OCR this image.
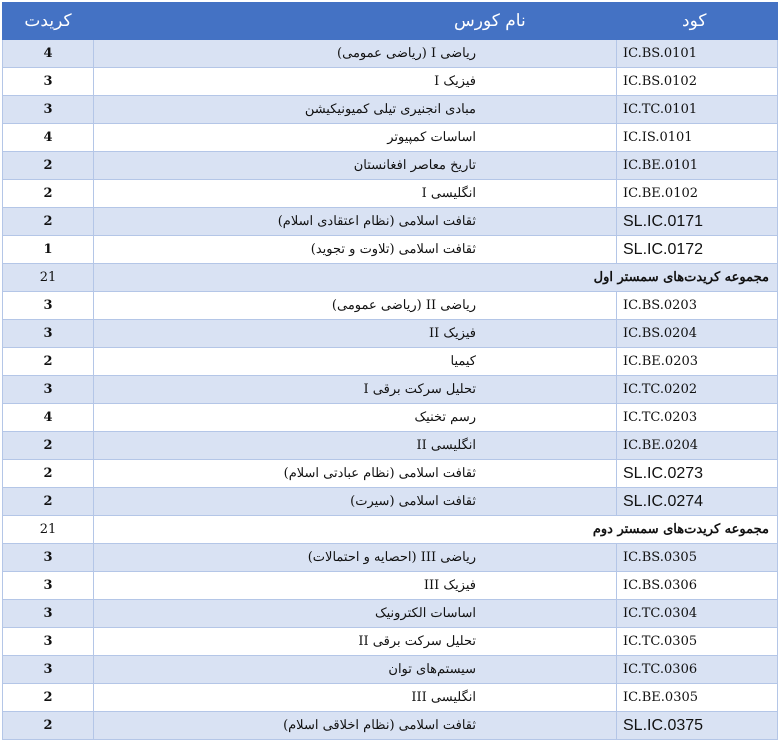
کود	نام کورس	کریدت
IC.BS.0101	ریاضی I (ریاضی عمومی)	4
IC.BS.0102	فیزیک I	3
IC.TC.0101	مبادی انجنیری تیلی کمیونیکیشن	3
IC.IS.0101	اساسات کمپیوتر	4
IC.BE.0101	تاریخ معاصر افغانستان	2
IC.BE.0102	انگلیسی I	2
SL.IC.0171	ثقافت اسلامی (نظام اعتقادی اسلام)	2
SL.IC.0172	ثقافت اسلامی (تلاوت و تجوید)	1
مجموعه کریدت‌های سمستر اول		21
IC.BS.0203	ریاضی II (ریاضی عمومی)	3
IC.BS.0204	فیزیک II	3
IC.BE.0203	کیمیا	2
IC.TC.0202	تحلیل سرکت برقی I	3
IC.TC.0203	رسم تخنیک	4
IC.BE.0204	انگلیسی II	2
SL.IC.0273	ثقافت اسلامی (نظام عبادتی اسلام)	2
SL.IC.0274	ثقافت اسلامی (سیرت)	2
مجموعه کریدت‌های سمستر دوم		21
IC.BS.0305	ریاضی III (احصایه و احتمالات)	3
IC.BS.0306	فیزیک III	3
IC.TC.0304	اساسات الکترونیک	3
IC.TC.0305	تحلیل سرکت برقی II	3
IC.TC.0306	سیستم‌های توان	3
IC.BE.0305	انگلیسی III	2
SL.IC.0375	ثقافت اسلامی (نظام اخلاقی اسلام)	2
